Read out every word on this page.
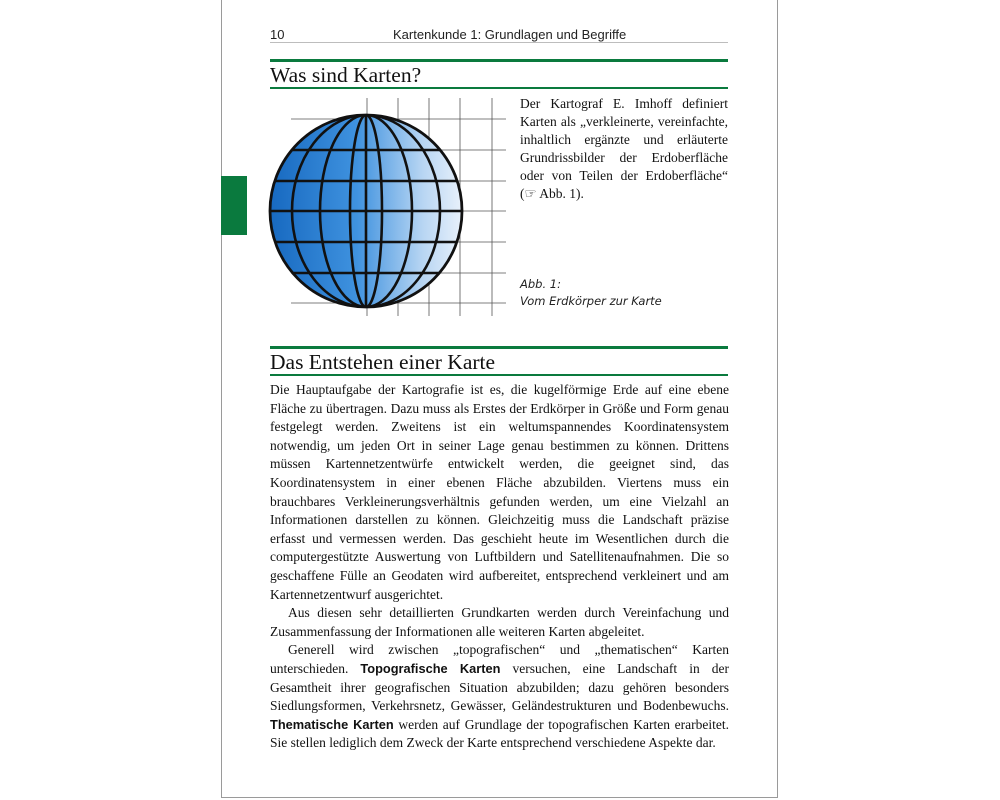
10	Kartenkunde 1: Grundlagen und Begriffe
Was sind Karten?
Der Kartograf E. Imhoff definiert Karten als „verkleinerte, vereinfachte, inhaltlich ergänzte und erläuterte Grundrissbilder der Erdoberfläche oder von Teilen der Erdoberfläche“ (☞ Abb. 1).
Abb. 1:
Vom Erdkörper zur Karte
Das Entstehen einer Karte

Die Hauptaufgabe der Kartografie ist es, die kugelförmige Erde auf eine ebene Fläche zu übertragen. Dazu muss als Erstes der Erdkörper in Größe und Form genau festgelegt werden. Zweitens ist ein weltumspannendes Koordinatensystem notwendig, um jeden Ort in seiner Lage genau bestimmen zu können. Drittens müssen Kartennetzentwürfe entwickelt werden, die geeignet sind, das Koordinatensystem in einer ebenen Fläche abzubilden. Viertens muss ein brauchbares Verkleinerungsverhältnis gefunden werden, um eine Vielzahl an Informationen darstellen zu können. Gleichzeitig muss die Landschaft präzise erfasst und vermessen werden. Das geschieht heute im Wesentlichen durch die computergestützte Auswertung von Luftbildern und Satellitenaufnahmen. Die so geschaffene Fülle an Geodaten wird aufbereitet, entsprechend verkleinert und am Kartennetzentwurf ausgerichtet.

Aus diesen sehr detaillierten Grundkarten werden durch Vereinfachung und Zusammenfassung der Informationen alle weiteren Karten abgeleitet.

Generell wird zwischen „topografischen“ und „thematischen“ Karten unterschieden. Topografische Karten versuchen, eine Landschaft in der Gesamtheit ihrer geografischen Situation abzubilden; dazu gehören besonders Siedlungsformen, Verkehrsnetz, Gewässer, Geländestrukturen und Bodenbewuchs. Thematische Karten werden auf Grundlage der topografischen Karten erarbeitet. Sie stellen lediglich dem Zweck der Karte entsprechend verschiedene Aspekte dar.
